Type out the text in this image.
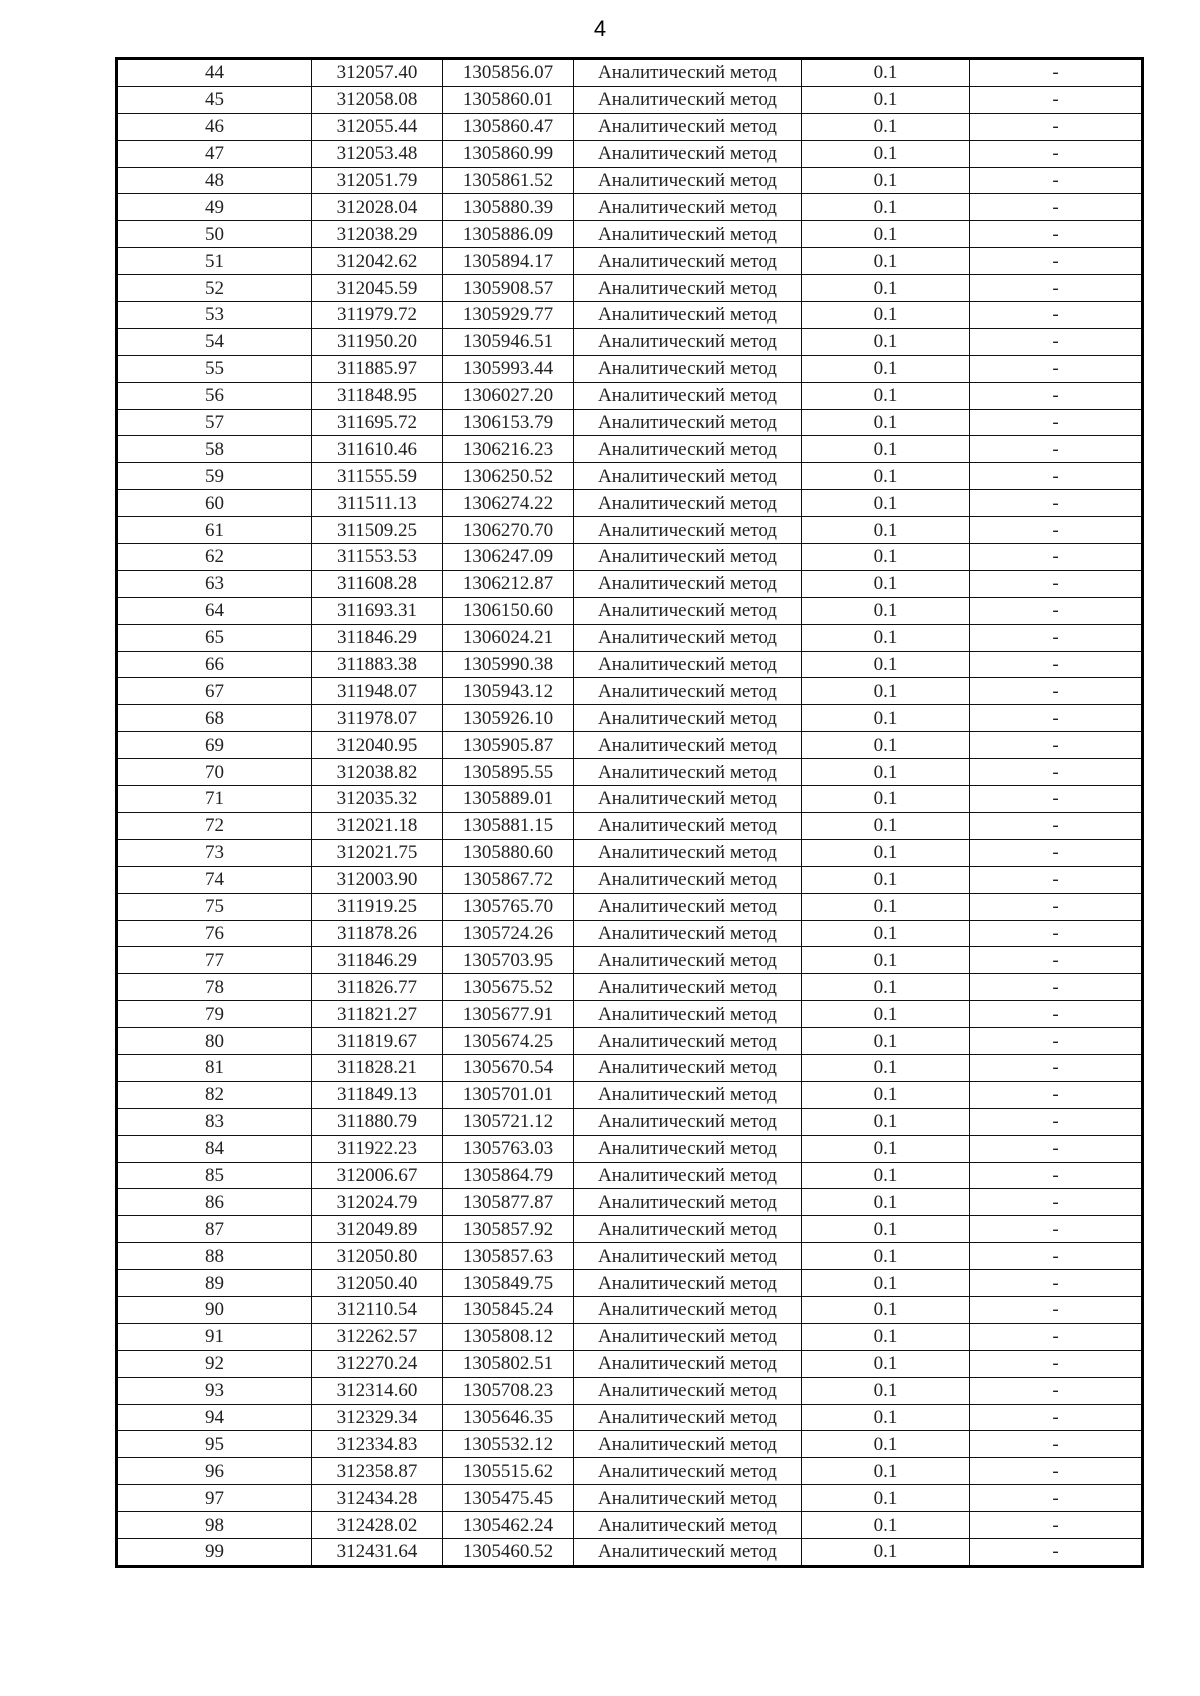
4
44	312057.40	1305856.07	Аналитический метод	0.1	-
45	312058.08	1305860.01	Аналитический метод	0.1	-
46	312055.44	1305860.47	Аналитический метод	0.1	-
47	312053.48	1305860.99	Аналитический метод	0.1	-
48	312051.79	1305861.52	Аналитический метод	0.1	-
49	312028.04	1305880.39	Аналитический метод	0.1	-
50	312038.29	1305886.09	Аналитический метод	0.1	-
51	312042.62	1305894.17	Аналитический метод	0.1	-
52	312045.59	1305908.57	Аналитический метод	0.1	-
53	311979.72	1305929.77	Аналитический метод	0.1	-
54	311950.20	1305946.51	Аналитический метод	0.1	-
55	311885.97	1305993.44	Аналитический метод	0.1	-
56	311848.95	1306027.20	Аналитический метод	0.1	-
57	311695.72	1306153.79	Аналитический метод	0.1	-
58	311610.46	1306216.23	Аналитический метод	0.1	-
59	311555.59	1306250.52	Аналитический метод	0.1	-
60	311511.13	1306274.22	Аналитический метод	0.1	-
61	311509.25	1306270.70	Аналитический метод	0.1	-
62	311553.53	1306247.09	Аналитический метод	0.1	-
63	311608.28	1306212.87	Аналитический метод	0.1	-
64	311693.31	1306150.60	Аналитический метод	0.1	-
65	311846.29	1306024.21	Аналитический метод	0.1	-
66	311883.38	1305990.38	Аналитический метод	0.1	-
67	311948.07	1305943.12	Аналитический метод	0.1	-
68	311978.07	1305926.10	Аналитический метод	0.1	-
69	312040.95	1305905.87	Аналитический метод	0.1	-
70	312038.82	1305895.55	Аналитический метод	0.1	-
71	312035.32	1305889.01	Аналитический метод	0.1	-
72	312021.18	1305881.15	Аналитический метод	0.1	-
73	312021.75	1305880.60	Аналитический метод	0.1	-
74	312003.90	1305867.72	Аналитический метод	0.1	-
75	311919.25	1305765.70	Аналитический метод	0.1	-
76	311878.26	1305724.26	Аналитический метод	0.1	-
77	311846.29	1305703.95	Аналитический метод	0.1	-
78	311826.77	1305675.52	Аналитический метод	0.1	-
79	311821.27	1305677.91	Аналитический метод	0.1	-
80	311819.67	1305674.25	Аналитический метод	0.1	-
81	311828.21	1305670.54	Аналитический метод	0.1	-
82	311849.13	1305701.01	Аналитический метод	0.1	-
83	311880.79	1305721.12	Аналитический метод	0.1	-
84	311922.23	1305763.03	Аналитический метод	0.1	-
85	312006.67	1305864.79	Аналитический метод	0.1	-
86	312024.79	1305877.87	Аналитический метод	0.1	-
87	312049.89	1305857.92	Аналитический метод	0.1	-
88	312050.80	1305857.63	Аналитический метод	0.1	-
89	312050.40	1305849.75	Аналитический метод	0.1	-
90	312110.54	1305845.24	Аналитический метод	0.1	-
91	312262.57	1305808.12	Аналитический метод	0.1	-
92	312270.24	1305802.51	Аналитический метод	0.1	-
93	312314.60	1305708.23	Аналитический метод	0.1	-
94	312329.34	1305646.35	Аналитический метод	0.1	-
95	312334.83	1305532.12	Аналитический метод	0.1	-
96	312358.87	1305515.62	Аналитический метод	0.1	-
97	312434.28	1305475.45	Аналитический метод	0.1	-
98	312428.02	1305462.24	Аналитический метод	0.1	-
99	312431.64	1305460.52	Аналитический метод	0.1	-
